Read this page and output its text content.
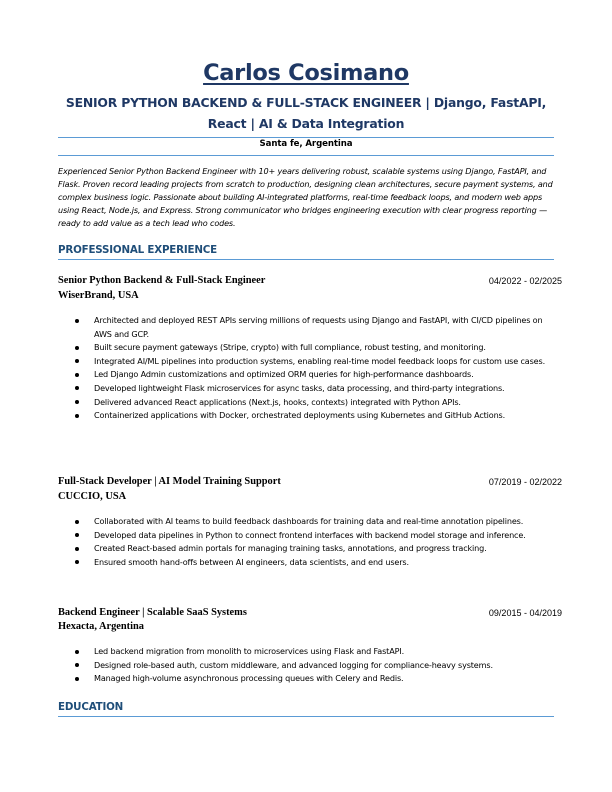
Carlos Cosimano
SENIOR PYTHON BACKEND & FULL-STACK ENGINEER | Django, FastAPI, React | AI & Data Integration
Santa fe, Argentina
Experienced Senior Python Backend Engineer with 10+ years delivering robust, scalable systems using Django, FastAPI, and Flask. Proven record leading projects from scratch to production, designing clean architectures, secure payment systems, and complex business logic. Passionate about building AI-integrated platforms, real-time feedback loops, and modern web apps using React, Node.js, and Express. Strong communicator who bridges engineering execution with clear progress reporting — ready to add value as a tech lead who codes.
PROFESSIONAL EXPERIENCE
Senior Python Backend & Full-Stack Engineer	04/2022 - 02/2025
WiserBrand, USA
Architected and deployed REST APIs serving millions of requests using Django and FastAPI, with CI/CD pipelines on AWS and GCP.
Built secure payment gateways (Stripe, crypto) with full compliance, robust testing, and monitoring.
Integrated AI/ML pipelines into production systems, enabling real-time model feedback loops for custom use cases.
Led Django Admin customizations and optimized ORM queries for high-performance dashboards.
Developed lightweight Flask microservices for async tasks, data processing, and third-party integrations.
Delivered advanced React applications (Next.js, hooks, contexts) integrated with Python APIs.
Containerized applications with Docker, orchestrated deployments using Kubernetes and GitHub Actions.
Full-Stack Developer | AI Model Training Support	07/2019 - 02/2022
CUCCIO, USA
Collaborated with AI teams to build feedback dashboards for training data and real-time annotation pipelines.
Developed data pipelines in Python to connect frontend interfaces with backend model storage and inference.
Created React-based admin portals for managing training tasks, annotations, and progress tracking.
Ensured smooth hand-offs between AI engineers, data scientists, and end users.
Backend Engineer | Scalable SaaS Systems	09/2015 - 04/2019
Hexacta, Argentina
Led backend migration from monolith to microservices using Flask and FastAPI.
Designed role-based auth, custom middleware, and advanced logging for compliance-heavy systems.
Managed high-volume asynchronous processing queues with Celery and Redis.
EDUCATION
